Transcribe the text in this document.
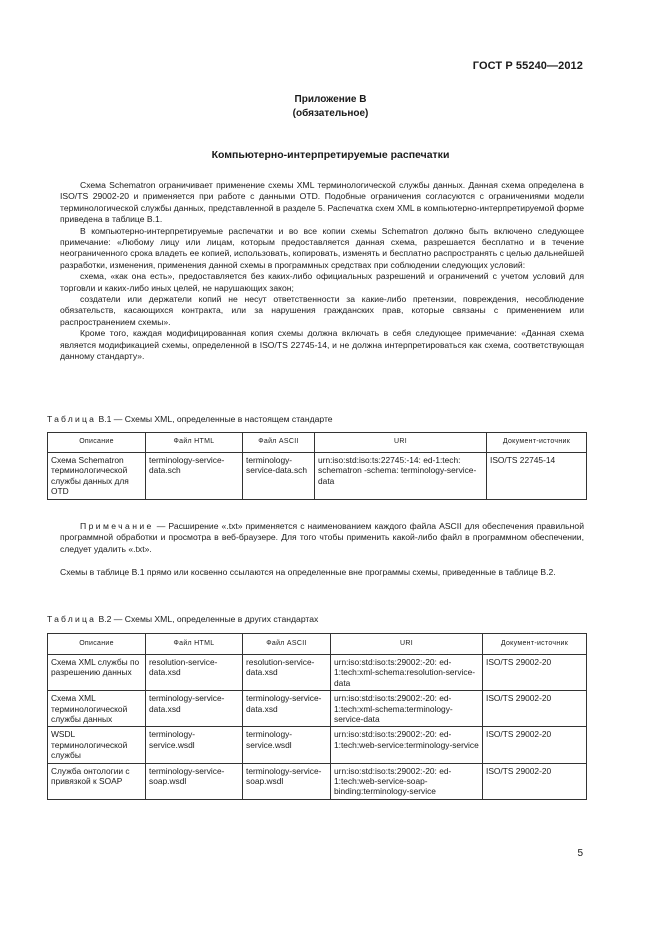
ГОСТ Р 55240—2012
Приложение В
(обязательное)
Компьютерно-интерпретируемые распечатки

Схема Schematron ограничивает применение схемы XML терминологической службы данных. Данная схема определена в ISO/TS 29002-20 и применяется при работе с данными OTD. Подобные ограничения согласуются с ограничениями модели терминологической службы данных, представленной в разделе 5. Распечатка схем XML в компьютерно-интерпретируемой форме приведена в таблице В.1.

В компьютерно-интерпретируемые распечатки и во все копии схемы Schematron должно быть включено следующее примечание: «Любому лицу или лицам, которым предоставляется данная схема, разрешается бесплатно и в течение неограниченного срока владеть ее копией, использовать, копировать, изменять и бесплатно распространять с целью дальнейшей разработки, изменения, применения данной схемы в программных средствах при соблюдении следующих условий:

схема, «как она есть», предоставляется без каких-либо официальных разрешений и ограничений с учетом условий для торговли и каких-либо иных целей, не нарушающих закон;

создатели или держатели копий не несут ответственности за какие-либо претензии, повреждения, несоблюдение обязательств, касающихся контракта, или за нарушения гражданских прав, которые связаны с применением или распространением схемы».

Кроме того, каждая модифицированная копия схемы должна включать в себя следующее примечание: «Данная схема является модификацией схемы, определенной в ISO/TS 22745-14, и не должна интерпретироваться как схема, соответствующая данному стандарту».

Таблица В.1 — Схемы XML, определенные в настоящем стандарте
Описание	Файл HTML	Файл ASCII	URI	Документ-источник
Схема Schematron терминологической службы данных для OTD	terminology-service-data.sch	terminology-service-data.sch	urn:iso:std:iso:ts:22745:-14: ed-1:tech: schematron -schema: terminology-service-data	ISO/TS 22745-14

Примечание — Расширение «.txt» применяется с наименованием каждого файла ASCII для обеспечения правильной программной обработки и просмотра в веб-браузере. Для того чтобы применить какой-либо файл в программном обеспечении, следует удалить «.txt».

Схемы в таблице В.1 прямо или косвенно ссылаются на определенные вне программы схемы, приведенные в таблице В.2.

Таблица В.2 — Схемы XML, определенные в других стандартах
Описание	Файл HTML	Файл ASCII	URI	Документ-источник
Схема XML службы по разрешению данных	resolution-service-data.xsd	resolution-service-data.xsd	urn:iso:std:iso:ts:29002:-20: ed-1:tech:xml-schema:resolution-service-data	ISO/TS 29002-20
Схема XML терминологической службы данных	terminology-service-data.xsd	terminology-service-data.xsd	urn:iso:std:iso:ts:29002:-20: ed-1:tech:xml-schema:terminology-service-data	ISO/TS 29002-20
WSDL терминологической службы	terminology-service.wsdl	terminology-service.wsdl	urn:iso:std:iso:ts:29002:-20: ed-1:tech:web-service:terminology-service	ISO/TS 29002-20
Служба онтологии с привязкой к SOAP	terminology-service-soap.wsdl	terminology-service-soap.wsdl	urn:iso:std:iso:ts:29002:-20: ed-1:tech:web-service-soap-binding:terminology-service	ISO/TS 29002-20
5
